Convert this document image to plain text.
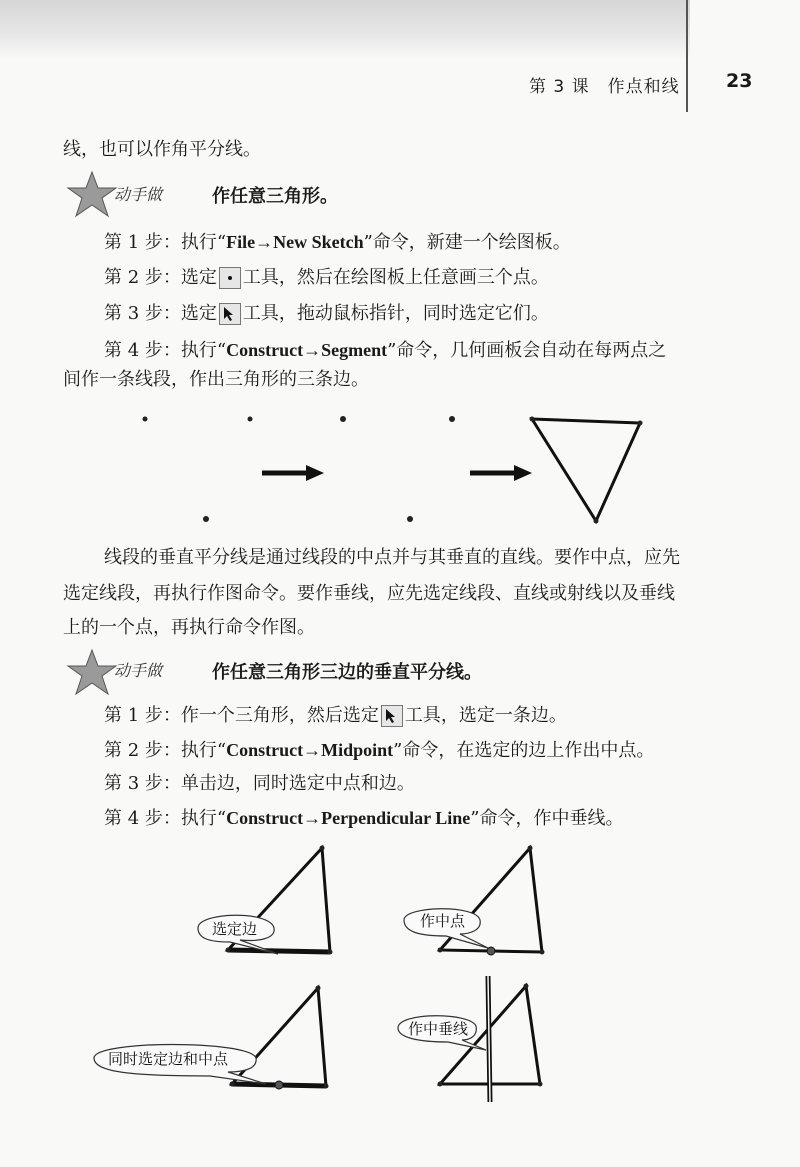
第 3 课　作点和线 23
线，也可以作角平分线。
动手做	作任意三角形。
第 1 步：执行“File→New Sketch”命令，新建一个绘图板。
第 2 步：选定 工具，然后在绘图板上任意画三个点。
第 3 步：选定 工具，拖动鼠标指针，同时选定它们。
第 4 步：执行“Construct→Segment”命令，几何画板会自动在每两点之
间作一条线段，作出三角形的三条边。
线段的垂直平分线是通过线段的中点并与其垂直的直线。要作中点，应先
选定线段，再执行作图命令。要作垂线，应先选定线段、直线或射线以及垂线
上的一个点，再执行命令作图。
动手做	作任意三角形三边的垂直平分线。
第 1 步：作一个三角形，然后选定 工具，选定一条边。
第 2 步：执行“Construct→Midpoint”命令，在选定的边上作出中点。
第 3 步：单击边，同时选定中点和边。
第 4 步：执行“Construct→Perpendicular Line”命令，作中垂线。
选定边	作中点
同时选定边和中点
作中垂线
